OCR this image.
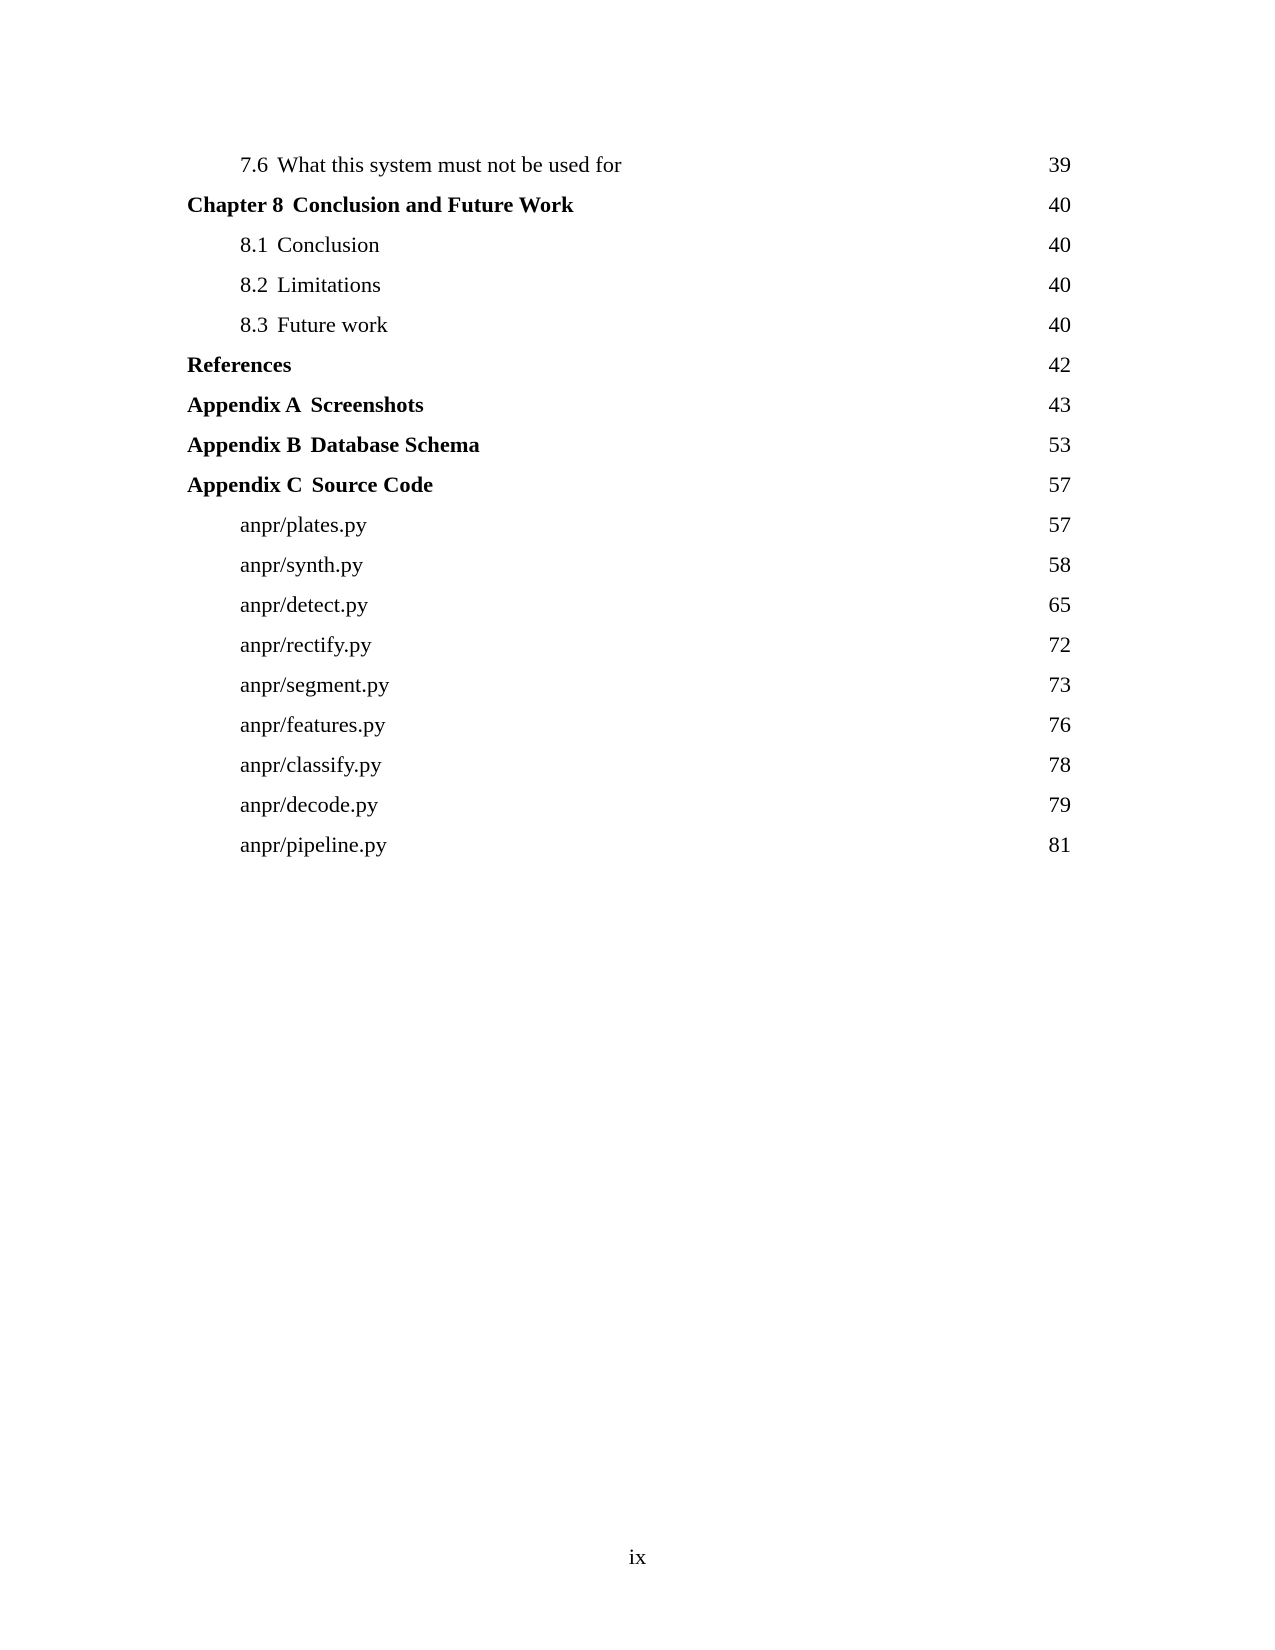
7.6 What this system must not be used for	39
Chapter 8 Conclusion and Future Work	40
8.1 Conclusion	40
8.2 Limitations	40
8.3 Future work	40
References	42
Appendix A Screenshots	43
Appendix B Database Schema	53
Appendix C Source Code	57
anpr/plates.py	57
anpr/synth.py	58
anpr/detect.py	65
anpr/rectify.py	72
anpr/segment.py	73
anpr/features.py	76
anpr/classify.py	78
anpr/decode.py	79
anpr/pipeline.py	81
ix
